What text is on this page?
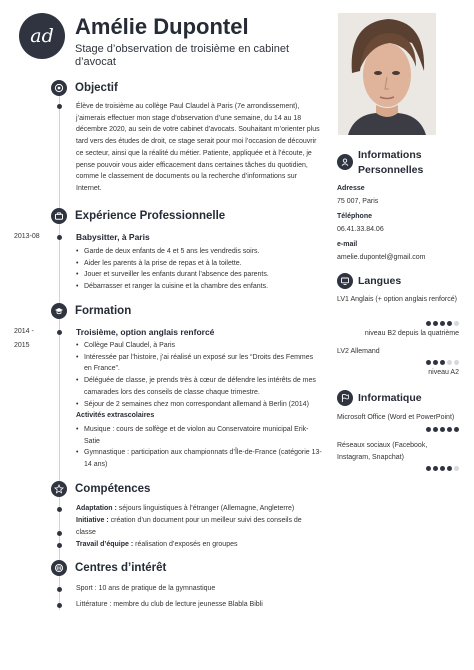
ad Amélie Dupontel
Stage d’observation de troisième en cabinet d’avocat
Objectif
Élève de troisième au collège Paul Claudel à Paris (7e arrondissement), j’aimerais effectuer mon stage d’observation d’une semaine, du 14 au 18 décembre 2020, au sein de votre cabinet d’avocats. Souhaitant m’orienter plus tard vers des études de droit, ce stage serait pour moi l’occasion de découvrir ce secteur, ainsi que la réalité du métier. Patiente, appliquée et à l’écoute, je pense pouvoir vous aider efficacement dans certaines tâches du quotidien, comme le classement de documents ou la recherche d’informations sur Internet.
Expérience Professionnelle
2013-08	Babysitter, à Paris
• Garde de deux enfants de 4 et 5 ans les vendredis soirs.
• Aider les parents à la prise de repas et à la toilette.
• Jouer et surveiller les enfants durant l’absence des parents.
• Débarrasser et ranger la cuisine et la chambre des enfants.
Formation
2014 -
2015
Troisième, option anglais renforcé
• Collège Paul Claudel, à Paris
• Intéressée par l’histoire, j’ai réalisé un exposé sur les “Droits des Femmes en France”.
• Déléguée de classe, je prends très à cœur de défendre les intérêts de mes camarades lors des conseils de classe chaque trimestre.
• Séjour de 2 semaines chez mon correspondant allemand à Berlin (2014)
Activités extrascolaires
• Musique : cours de solfège et de violon au Conservatoire municipal Erik-Satie
• Gymnastique : participation aux championnats d’Île-de-France (catégorie 13-14 ans)
Compétences
Adaptation : séjours linguistiques à l’étranger (Allemagne, Angleterre)
Initiative : création d’un document pour un meilleur suivi des conseils de classe
Travail d’équipe : réalisation d’exposés en groupes
Centres d’intérêt
Sport : 10 ans de pratique de la gymnastique
Littérature : membre du club de lecture jeunesse Blabla Bibli
Informations
Personnelles
Adresse
75 007, Paris
Téléphone
06.41.33.84.06
e-mail
amelie.dupontel@gmail.com
Langues
LV1 Anglais (+ option anglais renforcé)
niveau B2 depuis la quatrième
LV2 Allemand
niveau A2
Informatique
Microsoft Office (Word et PowerPoint)
Réseaux sociaux (Facebook, Instagram, Snapchat)
